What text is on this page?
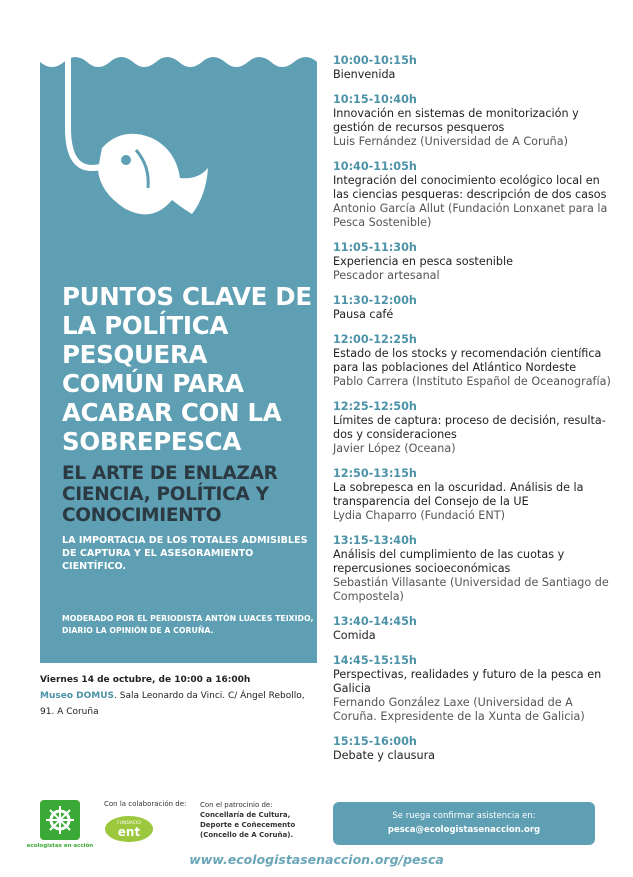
PUNTOS CLAVE DE LA POLÍTICA PESQUERA COMÚN PARA ACABAR CON LA SOBREPESCA
EL ARTE DE ENLAZAR CIENCIA, POLÍTICA Y CONOCIMIENTO

LA IMPORTACIA DE LOS TOTALES ADMISIBLES DE CAPTURA Y EL ASESORAMIENTO CIENTÍFICO.

MODERADO POR EL PERIODISTA ANTÓN LUACES TEIXIDO, DIARIO LA OPINIÓN DE A CORUÑA.

Viernes 14 de octubre, de 10:00 a 16:00h
Museo DOMUS. Sala Leonardo da Vinci. C/ Ángel Rebollo, 91. A Coruña
10:00-10:15h
Bienvenida
10:15-10:40h
Innovación en sistemas de monitorización y gestión de recursos pesqueros
Luis Fernández (Universidad de A Coruña)
10:40-11:05h
Integración del conocimiento ecológico local en las ciencias pesqueras: descripción de dos casos
Antonio García Allut (Fundación Lonxanet para la Pesca Sostenible)
11:05-11:30h
Experiencia en pesca sostenible
Pescador artesanal
11:30-12:00h
Pausa café
12:00-12:25h
Estado de los stocks y recomendación científica para las poblaciones del Atlántico Nordeste
Pablo Carrera (Instituto Español de Oceanografía)
12:25-12:50h
Límites de captura: proceso de decisión, resulta-dos y consideraciones
Javier López (Oceana)
12:50-13:15h
La sobrepesca en la oscuridad. Análisis de la transparencia del Consejo de la UE
Lydia Chaparro (Fundació ENT)
13:15-13:40h
Análisis del cumplimiento de las cuotas y repercusiones socioeconómicas
Sebastián Villasante (Universidad de Santiago de Compostela)
13:40-14:45h
Comida
14:45-15:15h
Perspectivas, realidades y futuro de la pesca en Galicia
Fernando González Laxe (Universidad de A Coruña. Expresidente de la Xunta de Galicia)
15:15-16:00h
Debate y clausura
ecologistas en acción
Con la colaboración de:
FUNDACIÓ
ent
Con el patrocinio de:

Concellaría de Cultura, Deporte e Coñecemento (Concello de A Coruña).
Se ruega confirmar asistencia en:
pesca@ecologistasenaccion.org
www.ecologistasenaccion.org/pesca
